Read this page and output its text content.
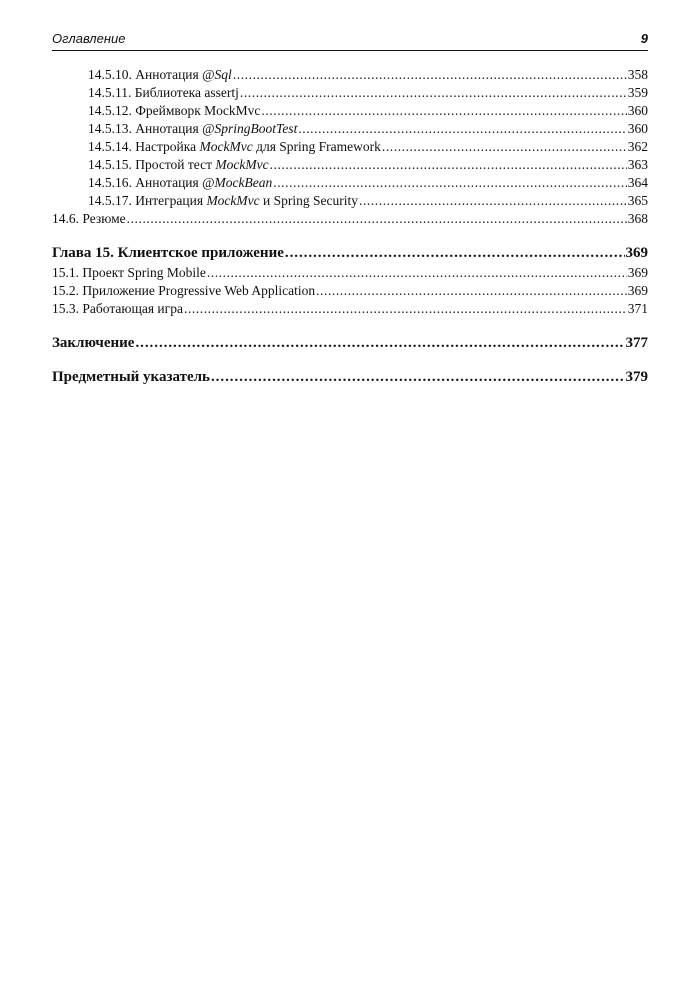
Оглавление	9
14.5.10. Аннотация @Sql . . .	358
14.5.11. Библиотека assertj . . .	359
14.5.12. Фреймворк MockMvc . . .	360
14.5.13. Аннотация @SpringBootTest . . .	360
14.5.14. Настройка MockMvc для Spring Framework . . .	362
14.5.15. Простой тест MockMvc . . .	363
14.5.16. Аннотация @MockBean . . .	364
14.5.17. Интеграция MockMvc и Spring Security . . .	365
14.6. Резюме . . .	368
Глава 15. Клиентское приложение . . .	369
15.1. Проект Spring Mobile . . .	369
15.2. Приложение Progressive Web Application . . .	369
15.3. Работающая игра . . .	371
Заключение . . .	377
Предметный указатель . . .	379
